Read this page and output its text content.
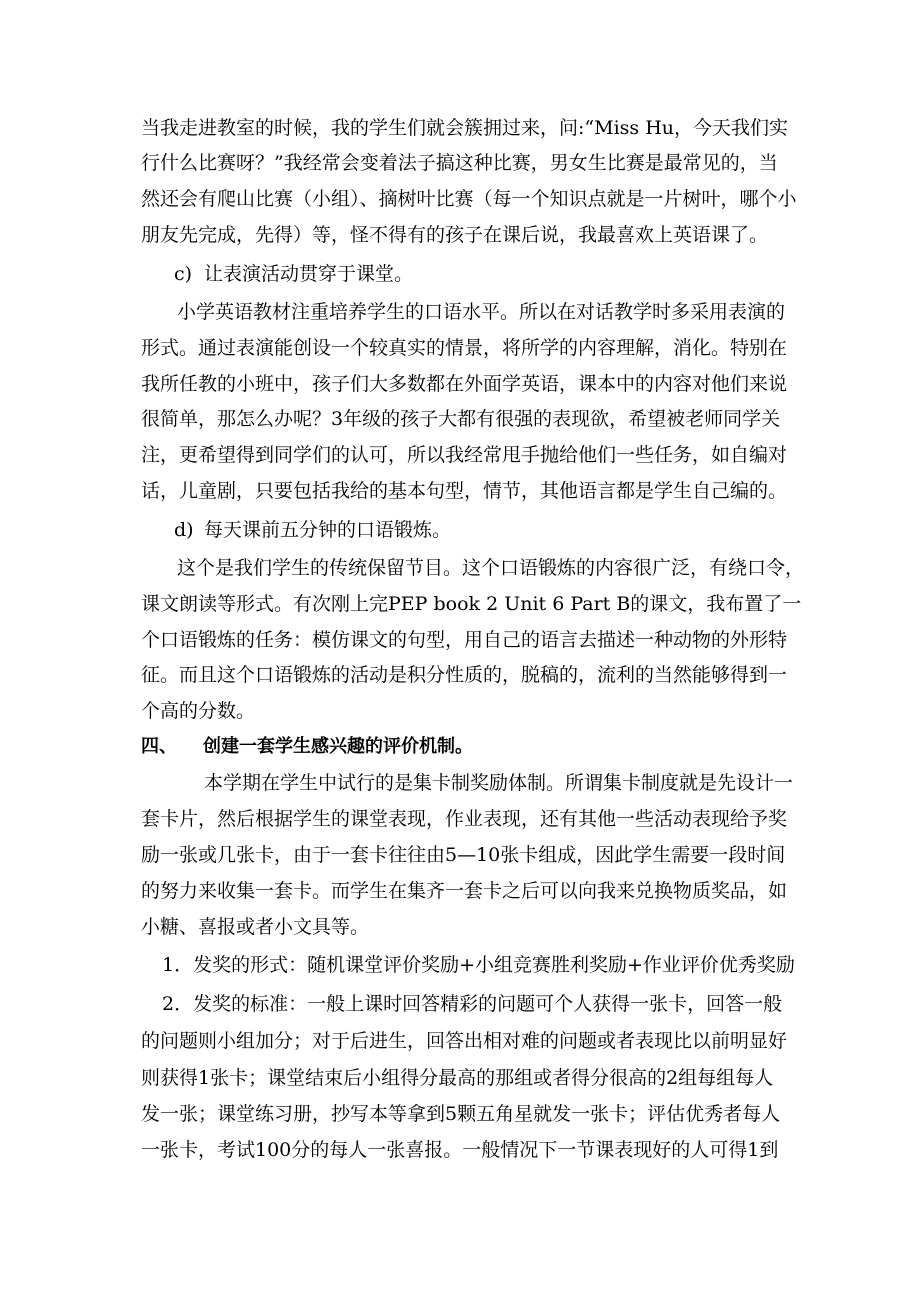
当我走进教室的时候，我的学生们就会簇拥过来，问:“Miss Hu，今天我们实
行什么比赛呀？”我经常会变着法子搞这种比赛，男女生比赛是最常见的，当
然还会有爬山比赛（小组）、摘树叶比赛（每一个知识点就是一片树叶，哪个小
朋友先完成，先得）等，怪不得有的孩子在课后说，我最喜欢上英语课了。
c) 让表演活动贯穿于课堂。
小学英语教材注重培养学生的口语水平。所以在对话教学时多采用表演的
形式。通过表演能创设一个较真实的情景，将所学的内容理解，消化。特别在
我所任教的小班中，孩子们大多数都在外面学英语，课本中的内容对他们来说
很简单，那怎么办呢？3年级的孩子大都有很强的表现欲，希望被老师同学关
注，更希望得到同学们的认可，所以我经常甩手抛给他们一些任务，如自编对
话，儿童剧，只要包括我给的基本句型，情节，其他语言都是学生自己编的。
d) 每天课前五分钟的口语锻炼。
这个是我们学生的传统保留节目。这个口语锻炼的内容很广泛，有绕口令，
课文朗读等形式。有次刚上完PEP book 2 Unit 6 Part B的课文，我布置了一
个口语锻炼的任务：模仿课文的句型，用自己的语言去描述一种动物的外形特
征。而且这个口语锻炼的活动是积分性质的，脱稿的，流利的当然能够得到一
个高的分数。
四、 创建一套学生感兴趣的评价机制。
本学期在学生中试行的是集卡制奖励体制。所谓集卡制度就是先设计一
套卡片，然后根据学生的课堂表现，作业表现，还有其他一些活动表现给予奖
励一张或几张卡，由于一套卡往往由5—10张卡组成，因此学生需要一段时间
的努力来收集一套卡。而学生在集齐一套卡之后可以向我来兑换物质奖品，如
小糖、喜报或者小文具等。
1．发奖的形式：随机课堂评价奖励+小组竞赛胜利奖励+作业评价优秀奖励
2．发奖的标准：一般上课时回答精彩的问题可个人获得一张卡，回答一般
的问题则小组加分；对于后进生，回答出相对难的问题或者表现比以前明显好
则获得1张卡；课堂结束后小组得分最高的那组或者得分很高的2组每组每人
发一张；课堂练习册，抄写本等拿到5颗五角星就发一张卡；评估优秀者每人
一张卡，考试100分的每人一张喜报。一般情况下一节课表现好的人可得1到
